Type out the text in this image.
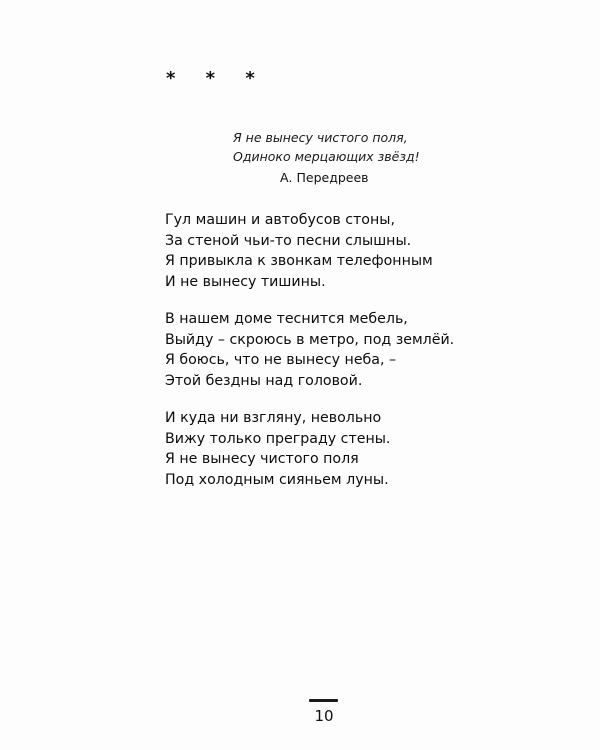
* * *
Я не вынесу чистого поля,
Одиноко мерцающих звёзд!
А. Передреев
Гул машин и автобусов стоны,
За стеной чьи-то песни слышны.
Я привыкла к звонкам телефонным
И не вынесу тишины.
В нашем доме теснится мебель,
Выйду – скроюсь в метро, под землёй.
Я боюсь, что не вынесу неба, –
Этой бездны над головой.
И куда ни взгляну, невольно
Вижу только преграду стены.
Я не вынесу чистого поля
Под холодным сияньем луны.
10
